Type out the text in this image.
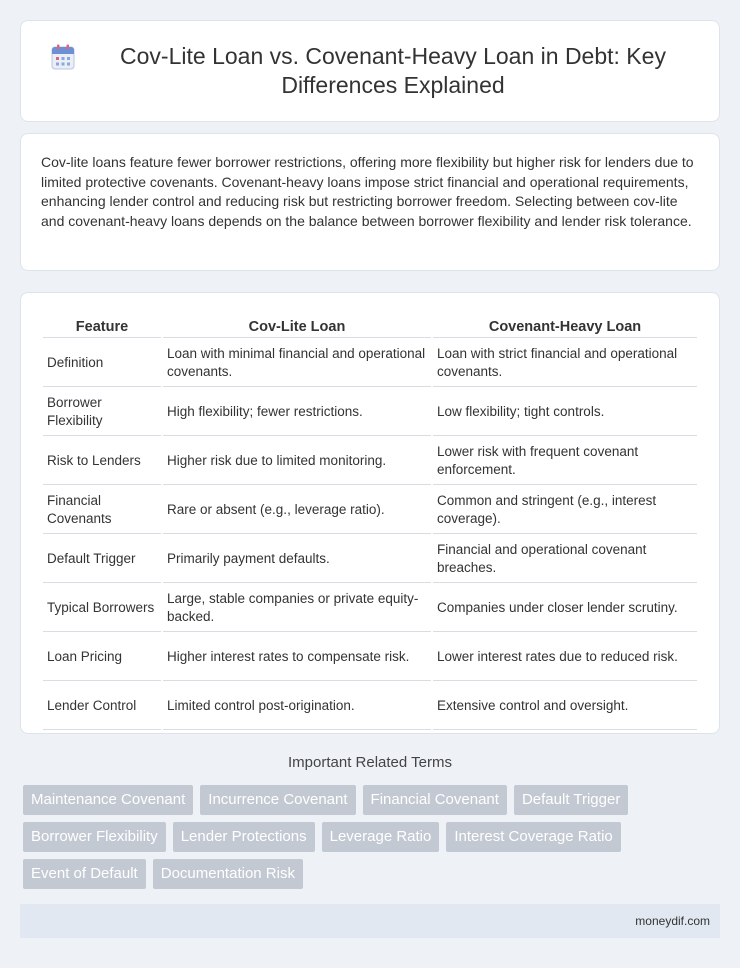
Cov-Lite Loan vs. Covenant-Heavy Loan in Debt: Key Differences Explained

Cov-lite loans feature fewer borrower restrictions, offering more flexibility but higher risk for lenders due to limited protective covenants. Covenant-heavy loans impose strict financial and operational requirements, enhancing lender control and reducing risk but restricting borrower freedom. Selecting between cov-lite and covenant-heavy loans depends on the balance between borrower flexibility and lender risk tolerance.

Feature	Cov-Lite Loan	Covenant-Heavy Loan
Definition	Loan with minimal financial and operational covenants.	Loan with strict financial and operational covenants.
Borrower Flexibility	High flexibility; fewer restrictions.	Low flexibility; tight controls.
Risk to Lenders	Higher risk due to limited monitoring.	Lower risk with frequent covenant enforcement.
Financial Covenants	Rare or absent (e.g., leverage ratio).	Common and stringent (e.g., interest coverage).
Default Trigger	Primarily payment defaults.	Financial and operational covenant breaches.
Typical Borrowers	Large, stable companies or private equity-backed.	Companies under closer lender scrutiny.
Loan Pricing	Higher interest rates to compensate risk.	Lower interest rates due to reduced risk.
Lender Control	Limited control post-origination.	Extensive control and oversight.
Important Related Terms
Maintenance Covenant	Incurrence Covenant	Financial Covenant	Default Trigger
Borrower Flexibility	Lender Protections	Leverage Ratio	Interest Coverage Ratio
Event of Default	Documentation Risk
moneydif.com
